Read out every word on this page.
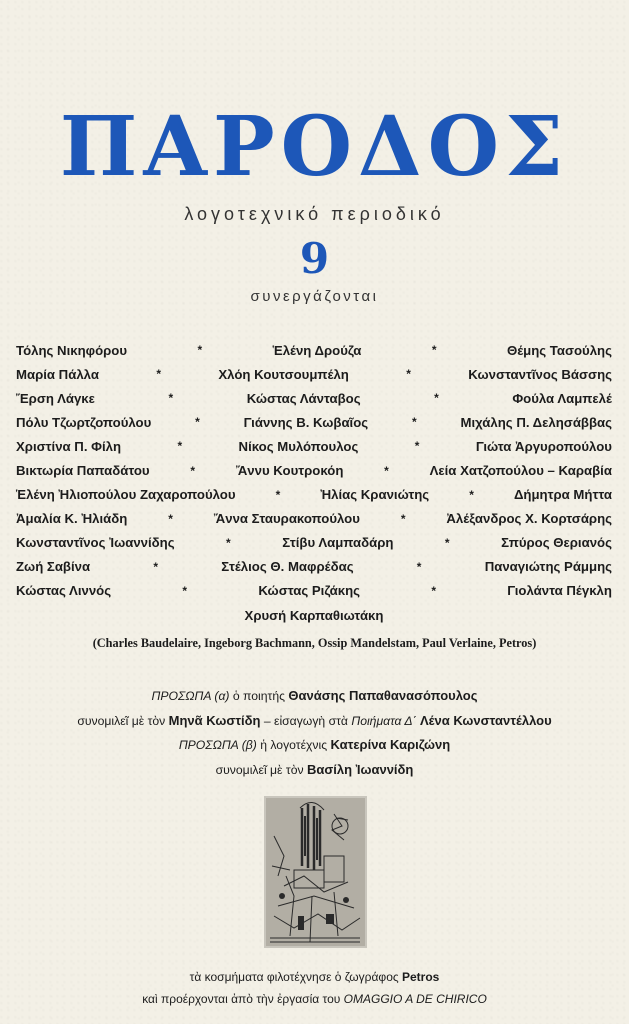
ΠΑΡΟΔΟΣ
λογοτεχνικό περιοδικό
9
συνεργάζονται
Τόλης Νικηφόρου	*	Ἑλένη Δρούζα	*	Θέμης Τασούλης
Μαρία Πάλλα	*	Χλόη Κουτσουμπέλη	*	Κωνσταντῖνος Βάσσης
Ἔρση Λάγκε	*	Κώστας Λάνταβος	*	Φούλα Λαμπελέ
Πόλυ Τζωρτζοπούλου	*	Γιάννης Β. Κωβαῖος	*	Μιχάλης Π. Δελησάββας
Χριστίνα Π. Φίλη	*	Νίκος Μυλόπουλος	*	Γιώτα Ἀργυροπούλου
Βικτωρία Παπαδάτου	*	Ἄννυ Κουτροκόη	*	Λεία Χατζοπούλου – Καραβία
Ἑλένη Ἠλιοπούλου Ζαχαροπούλου	*	Ἠλίας Κρανιώτης	*	Δήμητρα Μήττα
Ἀμαλία Κ. Ἠλιάδη	*	Ἄννα Σταυρακοπούλου	*	Ἀλέξανδρος Χ. Κορτσάρης
Κωνσταντῖνος Ἰωαννίδης	*	Στίβυ Λαμπαδάρη	*	Σπύρος Θεριανός
Ζωή Σαβίνα	*	Στέλιος Θ. Μαφρέδας	*	Παναγιώτης Ράμμης
Κώστας Λιννός	*	Κώστας Ριζάκης	*	Γιολάντα Πέγκλη
Χρυσή Καρπαθιωτάκη
(Charles Baudelaire, Ingeborg Bachmann, Ossip Mandelstam, Paul Verlaine, Petros)
ΠΡΟΣΩΠΑ (α) ὁ ποιητής Θανάσης Παπαθανασόπουλος
συνομιλεῖ μὲ τὸν Μηνᾶ Κωστίδη – εἰσαγωγὴ στὰ Ποιήματα Δ΄ Λένα Κωνσταντέλλου
ΠΡΟΣΩΠΑ (β) ἡ λογοτέχνις Κατερίνα Καριζώνη
συνομιλεῖ μὲ τὸν Βασίλη Ἰωαννίδη
τὰ κοσμήματα φιλοτέχνησε ὁ ζωγράφος Petros
καὶ προέρχονται ἀπὸ τὴν ἐργασία του OMAGGIO A DE CHIRICO
